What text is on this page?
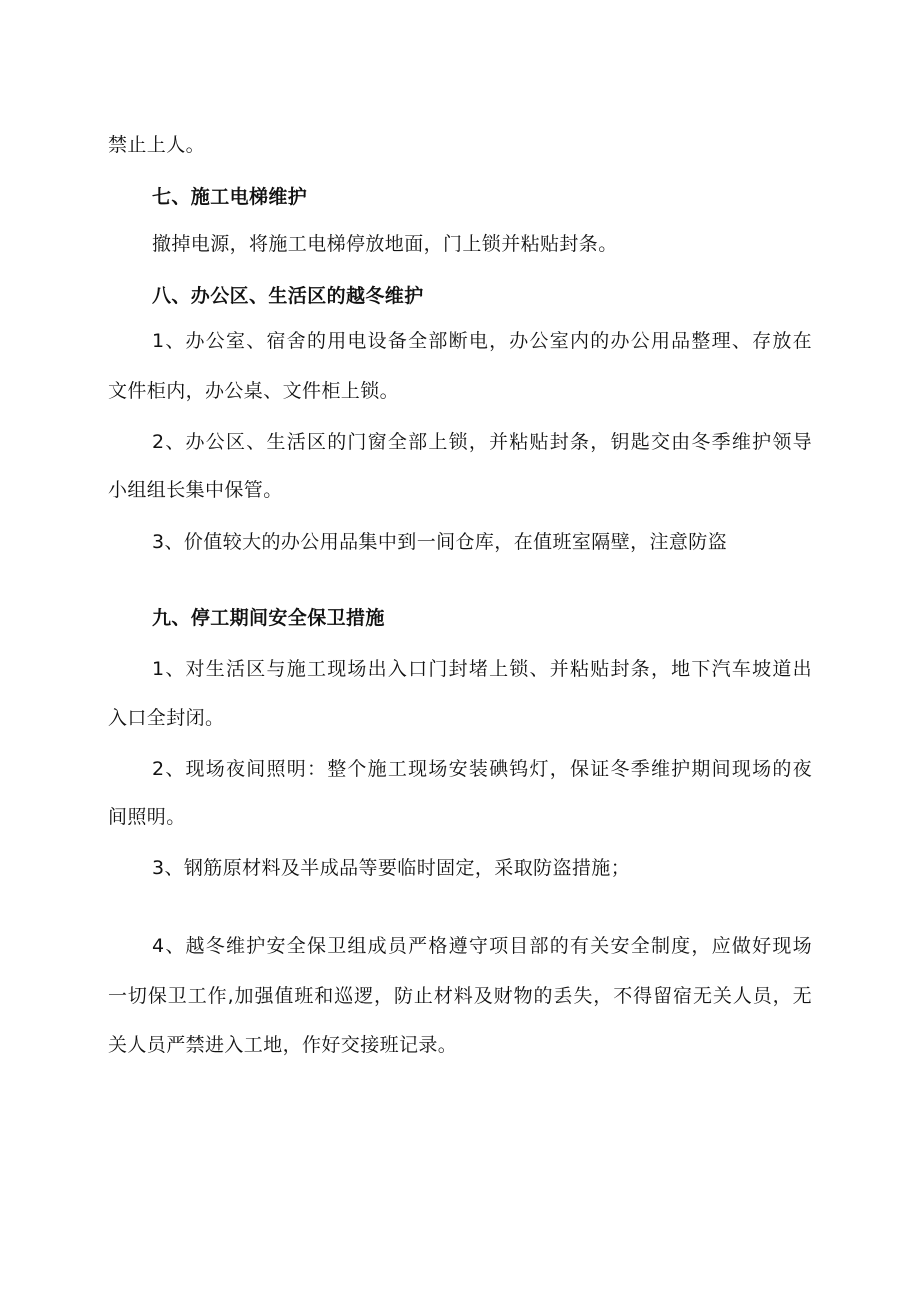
禁止上人。
七、施工电梯维护
撤掉电源，将施工电梯停放地面，门上锁并粘贴封条。
八、办公区、生活区的越冬维护
1、办公室、宿舍的用电设备全部断电，办公室内的办公用品整理、存放在
文件柜内，办公桌、文件柜上锁。
2、办公区、生活区的门窗全部上锁，并粘贴封条，钥匙交由冬季维护领导
小组组长集中保管。
3、价值较大的办公用品集中到一间仓库，在值班室隔壁，注意防盗
九、停工期间安全保卫措施
1、对生活区与施工现场出入口门封堵上锁、并粘贴封条，地下汽车坡道出
入口全封闭。
2、现场夜间照明：整个施工现场安装碘钨灯，保证冬季维护期间现场的夜
间照明。
3、钢筋原材料及半成品等要临时固定，采取防盗措施；
4、越冬维护安全保卫组成员严格遵守项目部的有关安全制度，应做好现场
一切保卫工作,加强值班和巡逻，防止材料及财物的丢失，不得留宿无关人员，无
关人员严禁进入工地，作好交接班记录。
